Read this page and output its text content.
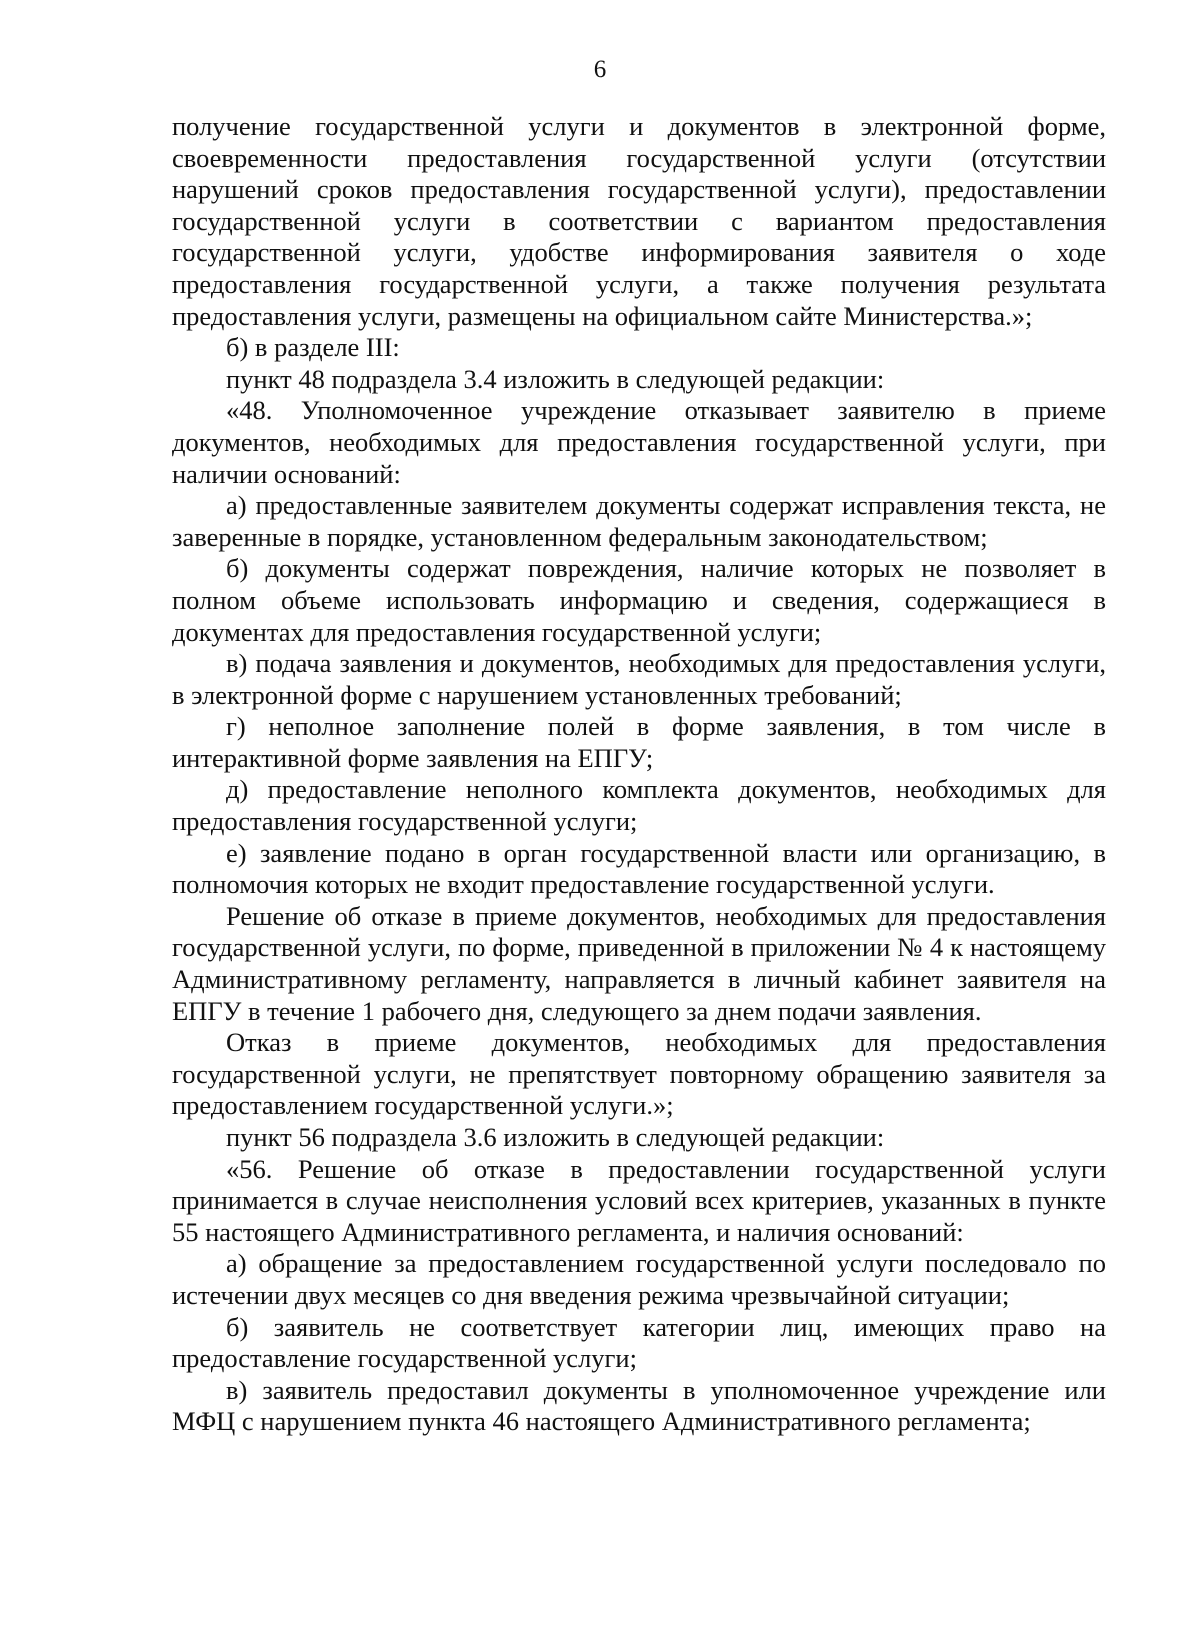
6

получение государственной услуги и документов в электронной форме, своевременности предоставления государственной услуги (отсутствии нарушений сроков предоставления государственной услуги), предоставлении государственной услуги в соответствии с вариантом предоставления государственной услуги, удобстве информирования заявителя о ходе предоставления государственной услуги, а также получения результата предоставления услуги, размещены на официальном сайте Министерства.»;

б) в разделе III:

пункт 48 подраздела 3.4 изложить в следующей редакции:

«48. Уполномоченное учреждение отказывает заявителю в приеме документов, необходимых для предоставления государственной услуги, при наличии оснований:

а) предоставленные заявителем документы содержат исправления текста, не заверенные в порядке, установленном федеральным законодательством;

б) документы содержат повреждения, наличие которых не позволяет в полном объеме использовать информацию и сведения, содержащиеся в документах для предоставления государственной услуги;

в) подача заявления и документов, необходимых для предоставления услуги, в электронной форме с нарушением установленных требований;

г) неполное заполнение полей в форме заявления, в том числе в интерактивной форме заявления на ЕПГУ;

д) предоставление неполного комплекта документов, необходимых для предоставления государственной услуги;

е) заявление подано в орган государственной власти или организацию, в полномочия которых не входит предоставление государственной услуги.

Решение об отказе в приеме документов, необходимых для предоставления государственной услуги, по форме, приведенной в приложении № 4 к настоящему Административному регламенту, направляется в личный кабинет заявителя на ЕПГУ в течение 1 рабочего дня, следующего за днем подачи заявления.

Отказ в приеме документов, необходимых для предоставления государственной услуги, не препятствует повторному обращению заявителя за предоставлением государственной услуги.»;

пункт 56 подраздела 3.6 изложить в следующей редакции:

«56. Решение об отказе в предоставлении государственной услуги принимается в случае неисполнения условий всех критериев, указанных в пункте 55 настоящего Административного регламента, и наличия оснований:

а) обращение за предоставлением государственной услуги последовало по истечении двух месяцев со дня введения режима чрезвычайной ситуации;

б) заявитель не соответствует категории лиц, имеющих право на предоставление государственной услуги;

в) заявитель предоставил документы в уполномоченное учреждение или МФЦ с нарушением пункта 46 настоящего Административного регламента;
